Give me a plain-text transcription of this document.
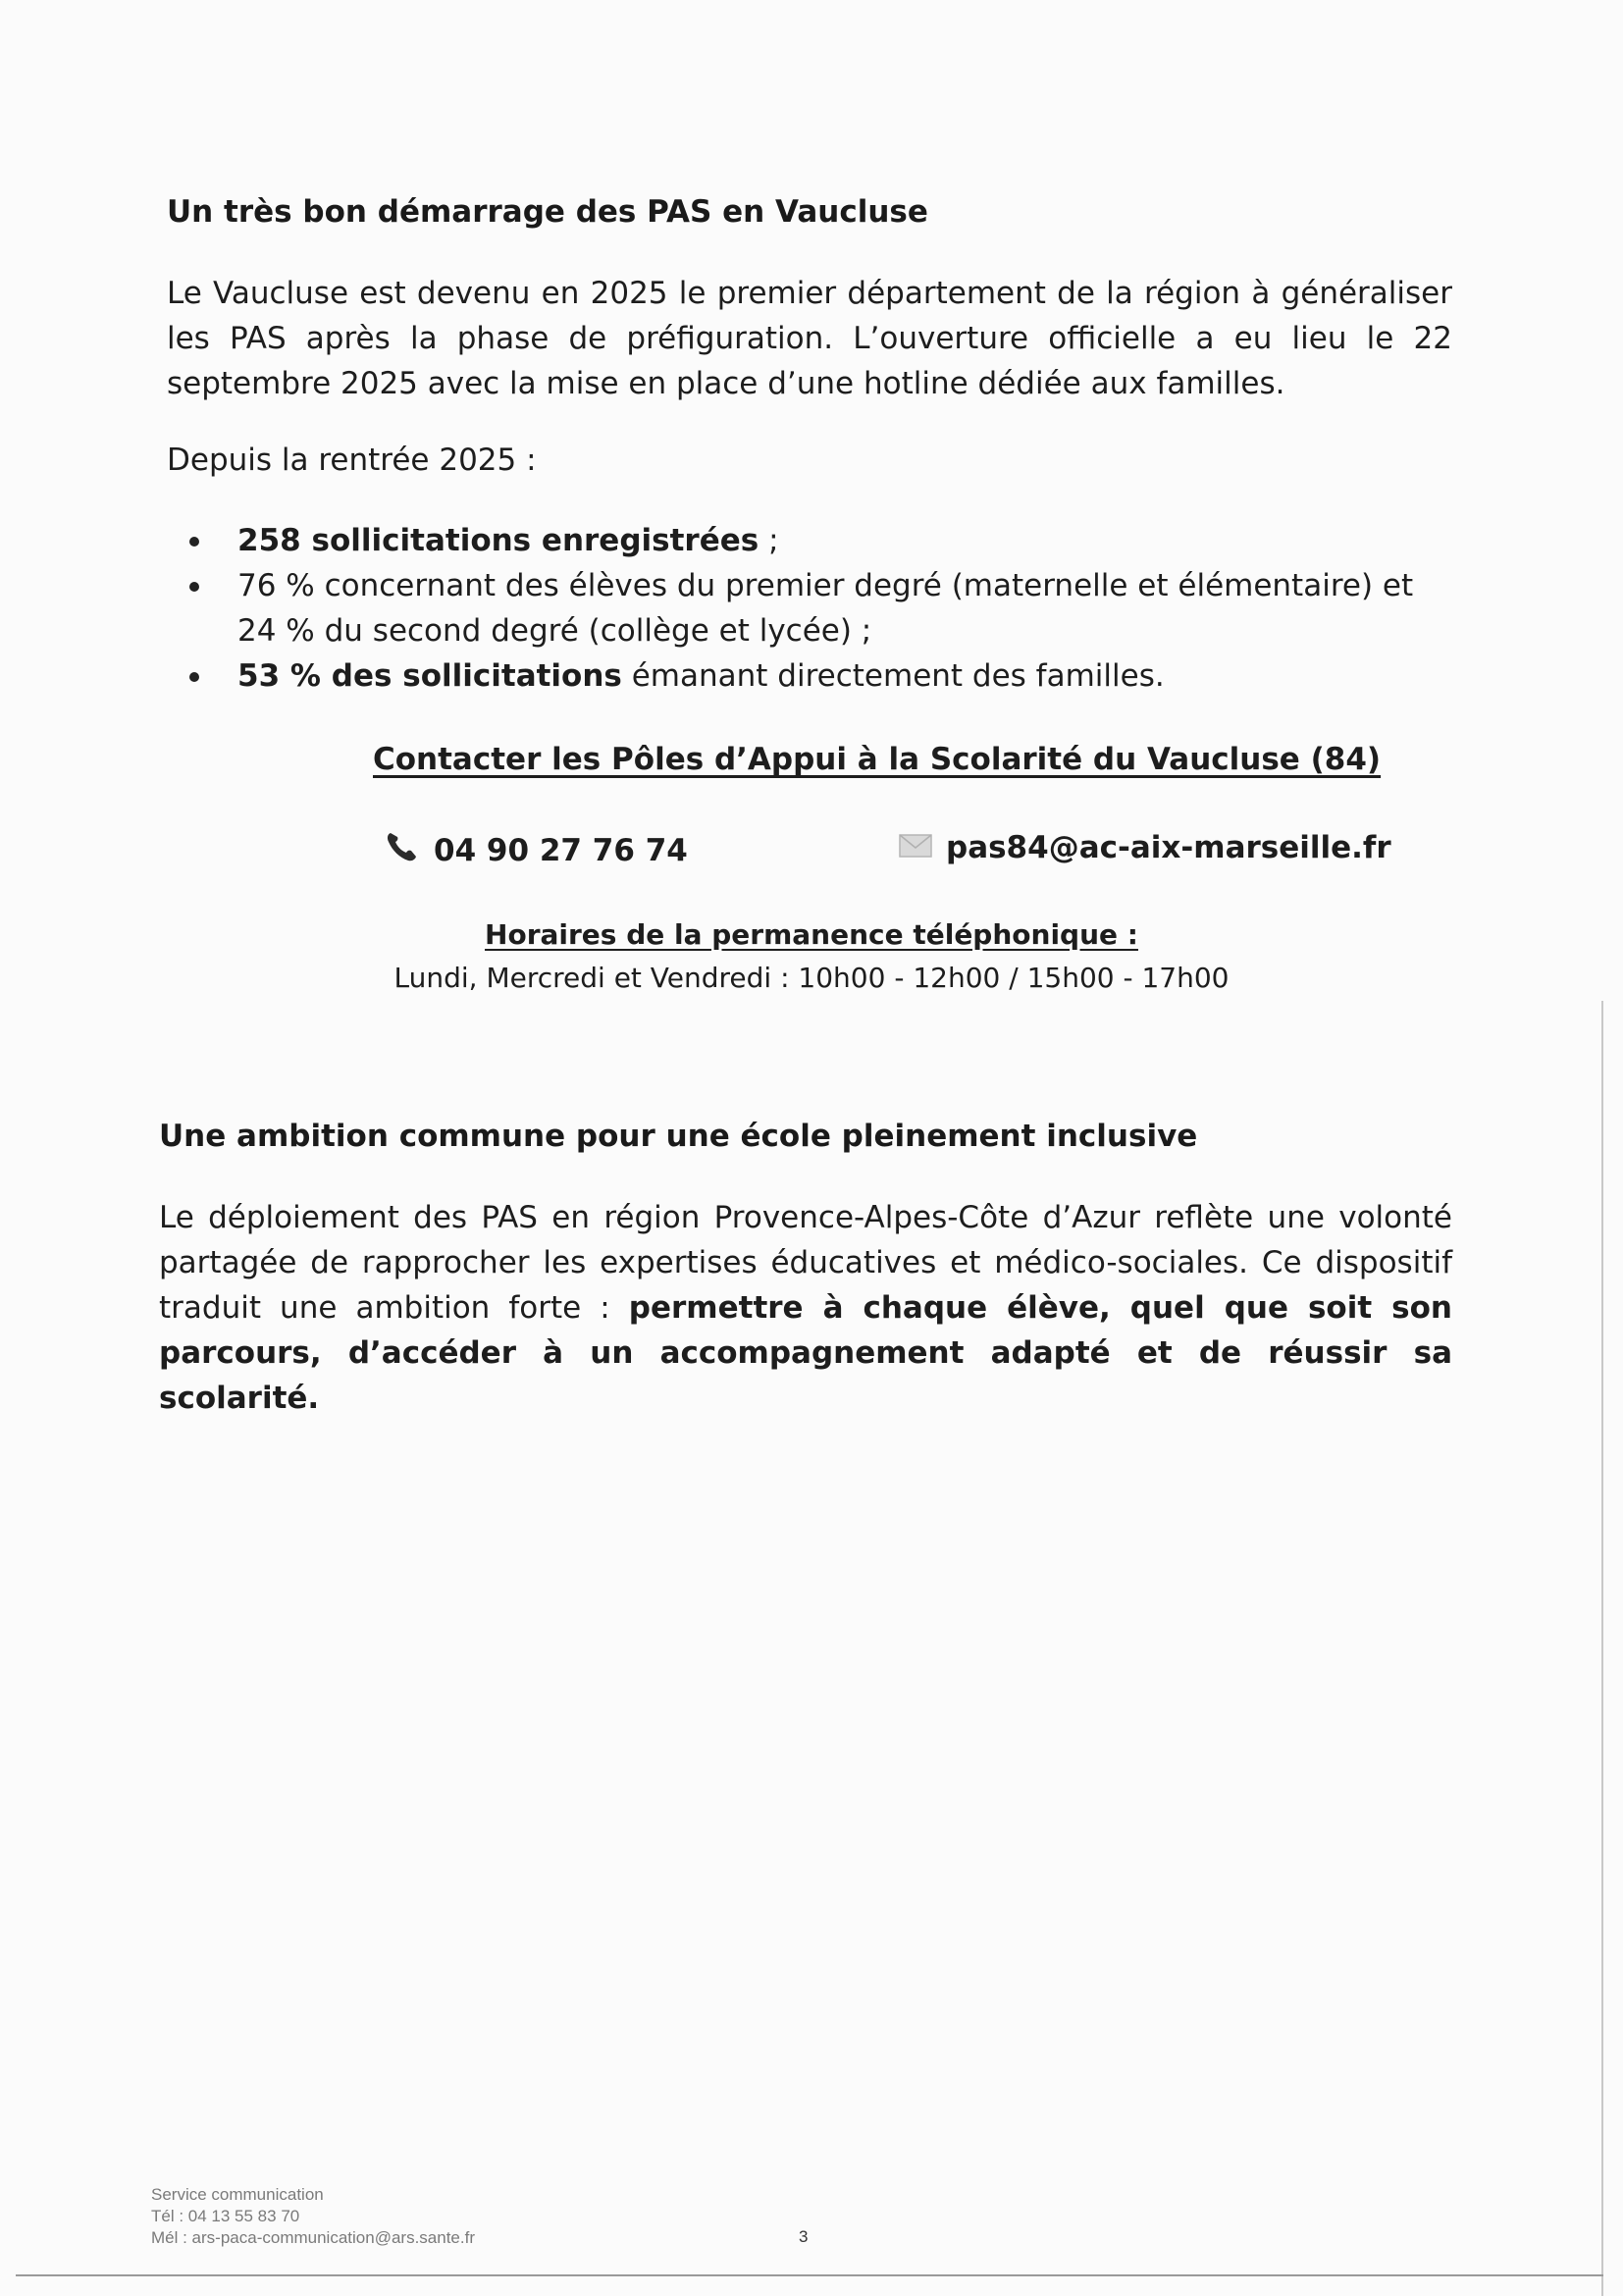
Un très bon démarrage des PAS en Vaucluse

Le Vaucluse est devenu en 2025 le premier département de la région à généraliser les PAS après la phase de préfiguration. L’ouverture officielle a eu lieu le 22 septembre 2025 avec la mise en place d’une hotline dédiée aux familles.

Depuis la rentrée 2025 :

258 sollicitations enregistrées ;
76 % concernant des élèves du premier degré (maternelle et élémentaire) et 24 % du second degré (collège et lycée) ;
53 % des sollicitations émanant directement des familles.
Contacter les Pôles d’Appui à la Scolarité du Vaucluse (84)
04 90 27 76 74	pas84@ac-aix-marseille.fr
Horaires de la permanence téléphonique :
Lundi, Mercredi et Vendredi : 10h00 - 12h00 / 15h00 - 17h00
Une ambition commune pour une école pleinement inclusive

Le déploiement des PAS en région Provence-Alpes-Côte d’Azur reflète une volonté partagée de rapprocher les expertises éducatives et médico-sociales. Ce dispositif traduit une ambition forte : permettre à chaque élève, quel que soit son parcours, d’accéder à un accompagnement adapté et de réussir sa scolarité.

Service communication
Tél : 04 13 55 83 70
Mél : ars-paca-communication@ars.sante.fr	3
